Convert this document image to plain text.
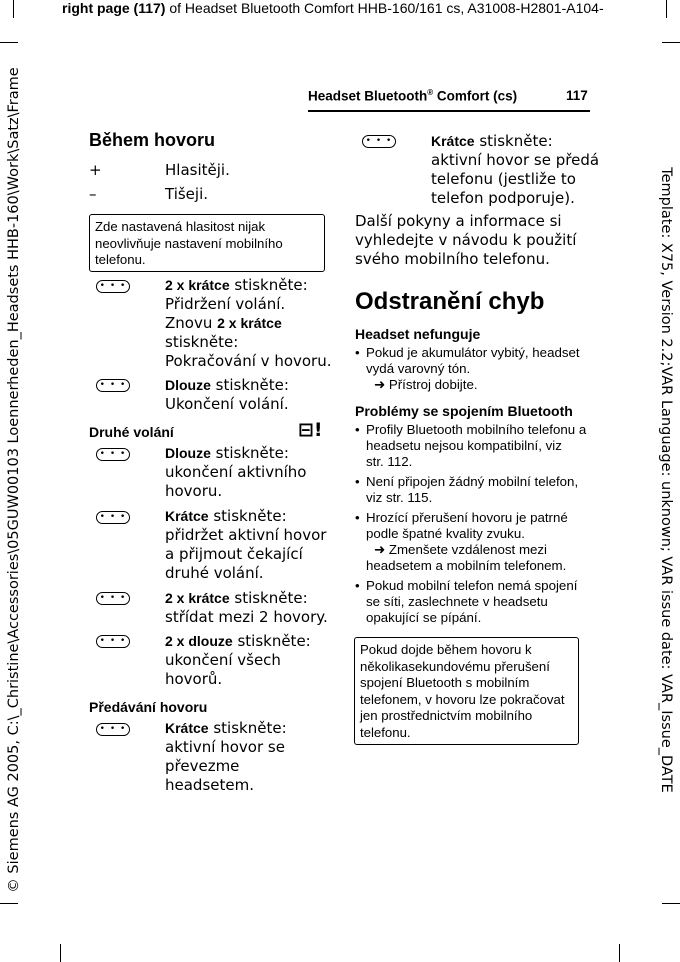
right page (117) of Headset Bluetooth Comfort HHB-160/161 cs, A31008-H2801-A104-
© Siemens AG 2005, C:\_Christine\Accessories\05GUW00103 Loennerheden_Headsets HHB-160\Work\Satz\Frame	Template: X75, Version 2.2;VAR Language: unknown; VAR issue date: VAR_Issue_DATE
Headset Bluetooth® Comfort (cs)	117
Během hovoru
+	Hlasitěji.
–	Tišeji.
Zde nastavená hlasitost nijak neovlivňuje nastavení mobilního telefonu.
• • •	2 x krátce stiskněte:
Přidržení volání.
Znovu 2 x krátce
stiskněte:
Pokračování v hovoru.
• • •	Dlouze stiskněte:
Ukončení volání.
Druhé volání	⊟!
• • •	Dlouze stiskněte:
ukončení aktivního
hovoru.
• • •	Krátce stiskněte:
přidržet aktivní hovor
a přijmout čekající
druhé volání.
• • •	2 x krátce stiskněte:
střídat mezi 2 hovory.
• • •	2 x dlouze stiskněte:
ukončení všech
hovorů.
Předávání hovoru
• • •	Krátce stiskněte:
aktivní hovor se
převezme
headsetem.
• • •	Krátce stiskněte:
aktivní hovor se předá
telefonu (jestliže to
telefon podporuje).
Další pokyny a informace si
vyhledejte v návodu k použití
svého mobilního telefonu.
Odstranění chyb
Headset nefunguje
• Pokud je akumulátor vybitý, headset
vydá varovný tón.
➜ Přístroj dobijte.
Problémy se spojením Bluetooth
• Profily Bluetooth mobilního telefonu a
headsetu nejsou kompatibilní, viz
str. 112.
• Není připojen žádný mobilní telefon,
viz str. 115.
• Hrozící přerušení hovoru je patrné
podle špatné kvality zvuku.
➜ Zmenšete vzdálenost mezi
headsetem a mobilním telefonem.
• Pokud mobilní telefon nemá spojení
se síti, zaslechnete v headsetu
opakující se pípání.
Pokud dojde během hovoru k několikasekundovému přerušení spojení Bluetooth s mobilním telefonem, v hovoru lze pokračovat jen prostřednictvím mobilního telefonu.
